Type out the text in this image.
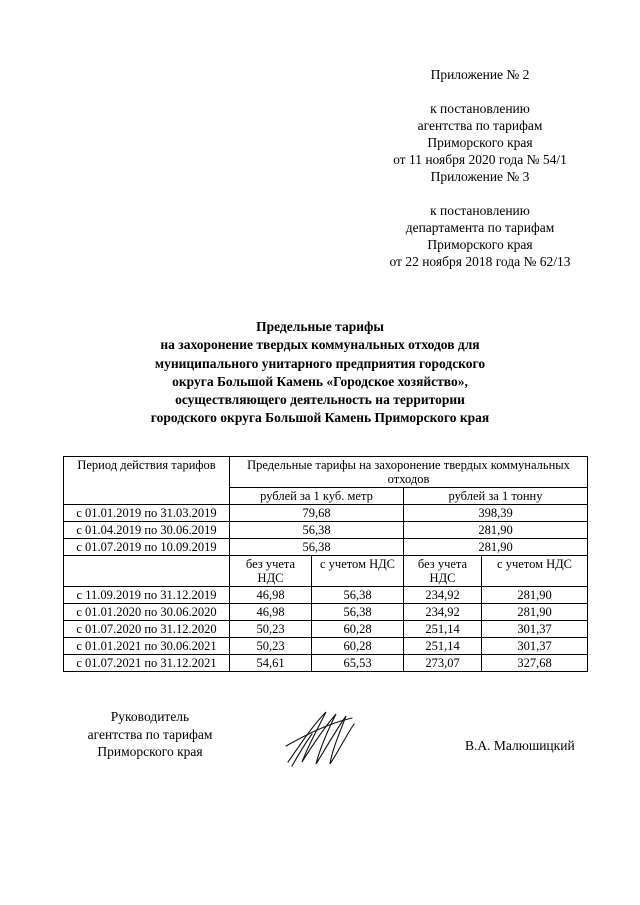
Приложение № 2
к постановлению
агентства по тарифам
Приморского края
от 11 ноября 2020 года № 54/1
Приложение № 3
к постановлению
департамента по тарифам
Приморского края
от 22 ноября 2018 года № 62/13
Предельные тарифы
на захоронение твердых коммунальных отходов для
муниципального унитарного предприятия городского
округа Большой Камень «Городское хозяйство»,
осуществляющего деятельность на территории
городского округа Большой Камень Приморского края
Период действия тарифов	Предельные тарифы на захоронение твердых коммунальных отходов			
	рублей за 1 куб. метр		рублей за 1 тонну	
с 01.01.2019 по 31.03.2019	79,68		398,39	
с 01.04.2019 по 30.06.2019	56,38		281,90	
с 01.07.2019 по 10.09.2019	56,38		281,90	
	без учета НДС	с учетом НДС	без учета НДС	с учетом НДС
с 11.09.2019 по 31.12.2019	46,98	56,38	234,92	281,90
с 01.01.2020 по 30.06.2020	46,98	56,38	234,92	281,90
с 01.07.2020 по 31.12.2020	50,23	60,28	251,14	301,37
с 01.01.2021 по 30.06.2021	50,23	60,28	251,14	301,37
с 01.07.2021 по 31.12.2021	54,61	65,53	273,07	327,68
Руководитель
агентства по тарифам
Приморского края	В.А. Малюшицкий
